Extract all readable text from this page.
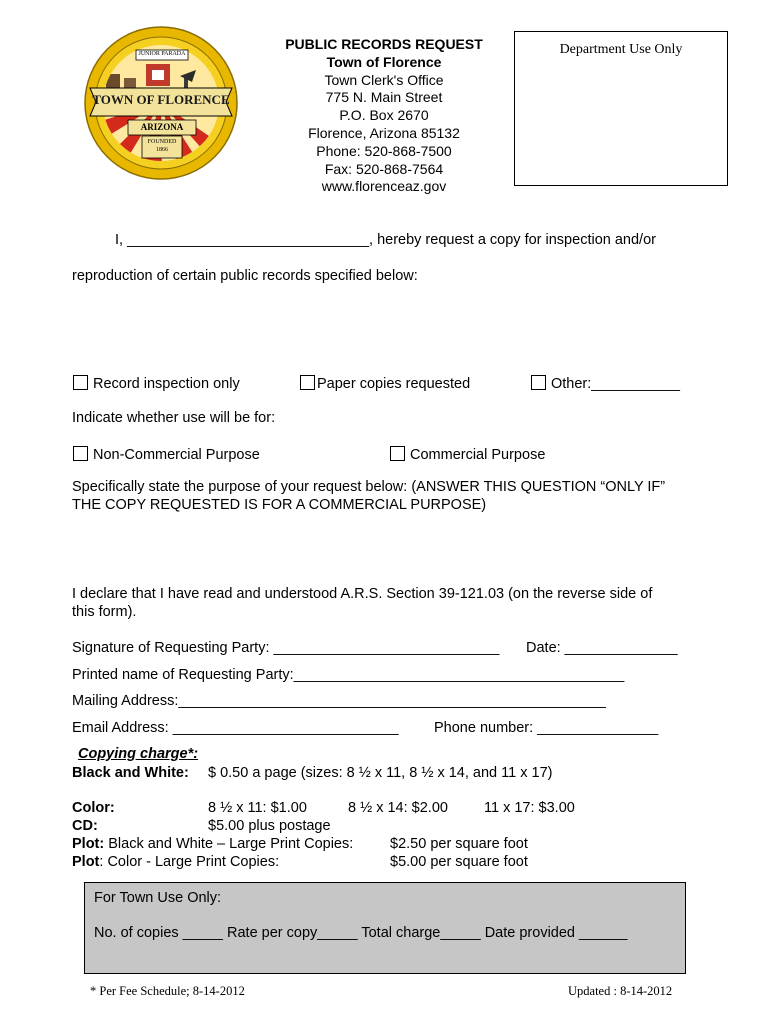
JUNIOR PARADA
TOWN OF FLORENCE
ARIZONA
FOUNDED 1866
PUBLIC RECORDS REQUEST
Town of Florence
Town Clerk's Office
775 N. Main Street
P.O. Box 2670
Florence, Arizona 85132
Phone: 520-868-7500
Fax: 520-868-7564
www.florenceaz.gov
Department Use Only
I, ______________________________, hereby request a copy for inspection and/or
reproduction of certain public records specified below:
Record inspection only	Paper copies requested	Other:___________
Indicate whether use will be for:
Non-Commercial Purpose	Commercial Purpose
Specifically state the purpose of your request below: (ANSWER THIS QUESTION “ONLY IF”
THE COPY REQUESTED IS FOR A COMMERCIAL PURPOSE)
I declare that I have read and understood A.R.S. Section 39-121.03 (on the reverse side of
this form).
Signature of Requesting Party: ____________________________ Date: ______________
Printed name of Requesting Party:_________________________________________
Mailing Address:_____________________________________________________
Email Address: ____________________________ Phone number: _______________
Copying charge*:
Black and White: $ 0.50 a page (sizes: 8 ½ x 11, 8 ½ x 14, and 11 x 17)
Color:	8 ½ x 11: $1.00	8 ½ x 14: $2.00 11 x 17: $3.00
CD:	$5.00 plus postage
Plot: Black and White – Large Print Copies:	$2.50 per square foot
Plot: Color - Large Print Copies:	$5.00 per square foot
For Town Use Only:
No. of copies _____ Rate per copy_____ Total charge_____ Date provided ______
* Per Fee Schedule; 8-14-2012	Updated : 8-14-2012
